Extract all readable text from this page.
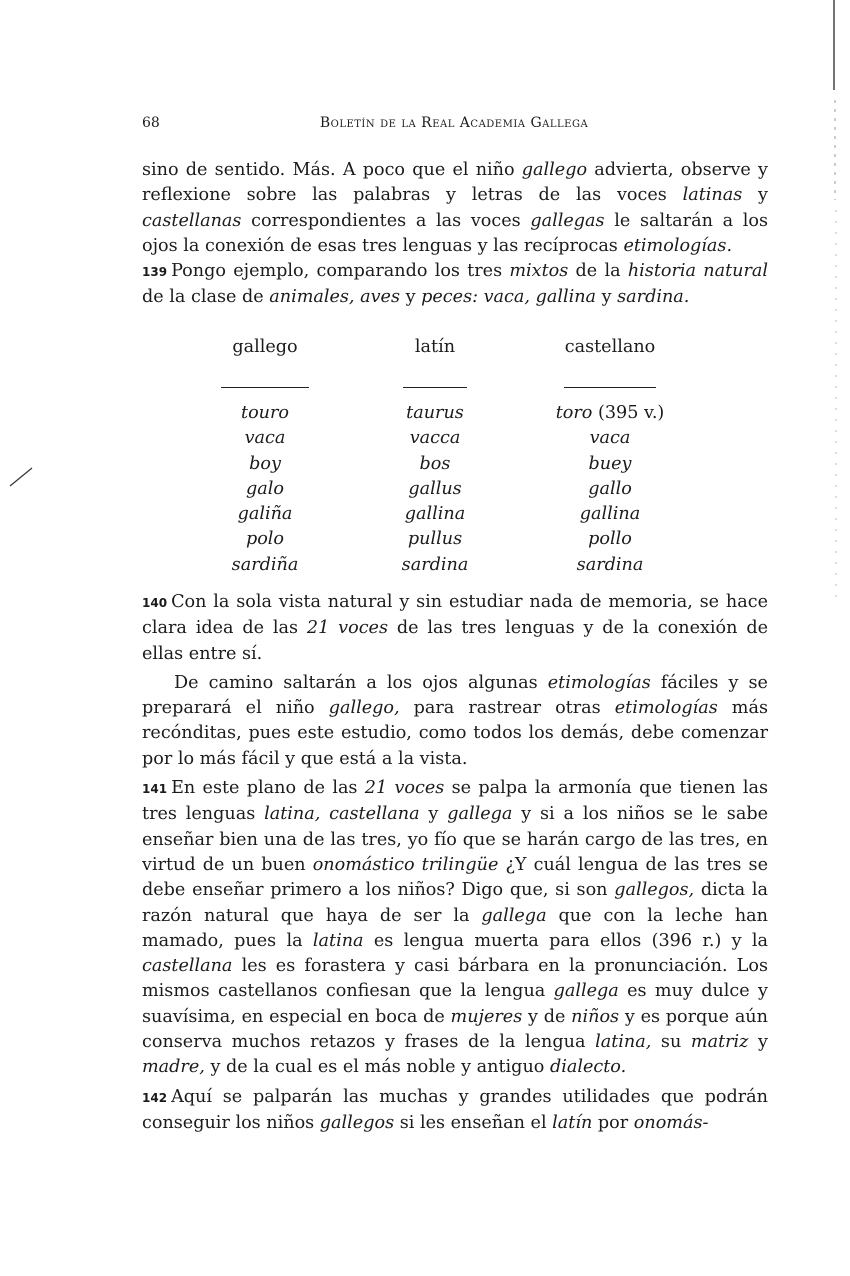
68	Boletín de la Real Academia Gallega

sino de sentido. Más. A poco que el niño gallego advierta, observe y reflexione sobre las palabras y letras de las voces latinas y castellanas correspondientes a las voces gallegas le saltarán a los ojos la conexión de esas tres lenguas y las recíprocas etimologías.

139 Pongo ejemplo, comparando los tres mixtos de la historia natural de la clase de animales, aves y peces: vaca, gallina y sardina.

gallego	latín	castellano

touro	taurus	toro (395 v.)
vaca	vacca	vaca
boy	bos	buey
galo	gallus	gallo
galiña	gallina	gallina
polo	pullus	pollo
sardiña	sardina	sardina

140 Con la sola vista natural y sin estudiar nada de memoria, se hace clara idea de las 21 voces de las tres lenguas y de la conexión de ellas entre sí.

De camino saltarán a los ojos algunas etimologías fáciles y se preparará el niño gallego, para rastrear otras etimologías más recónditas, pues este estudio, como todos los demás, debe comenzar por lo más fácil y que está a la vista.

141 En este plano de las 21 voces se palpa la armonía que tienen las tres lenguas latina, castellana y gallega y si a los niños se le sabe enseñar bien una de las tres, yo fío que se harán cargo de las tres, en virtud de un buen onomástico trilingüe ¿Y cuál lengua de las tres se debe enseñar primero a los niños? Digo que, si son gallegos, dicta la razón natural que haya de ser la gallega que con la leche han mamado, pues la latina es lengua muerta para ellos (396 r.) y la castellana les es forastera y casi bárbara en la pronunciación. Los mismos castellanos confiesan que la lengua gallega es muy dulce y suavísima, en especial en boca de mujeres y de niños y es porque aún conserva muchos retazos y frases de la lengua latina, su matriz y madre, y de la cual es el más noble y antiguo dialecto.

142 Aquí se palparán las muchas y grandes utilidades que podrán conseguir los niños gallegos si les enseñan el latín por onomás-
